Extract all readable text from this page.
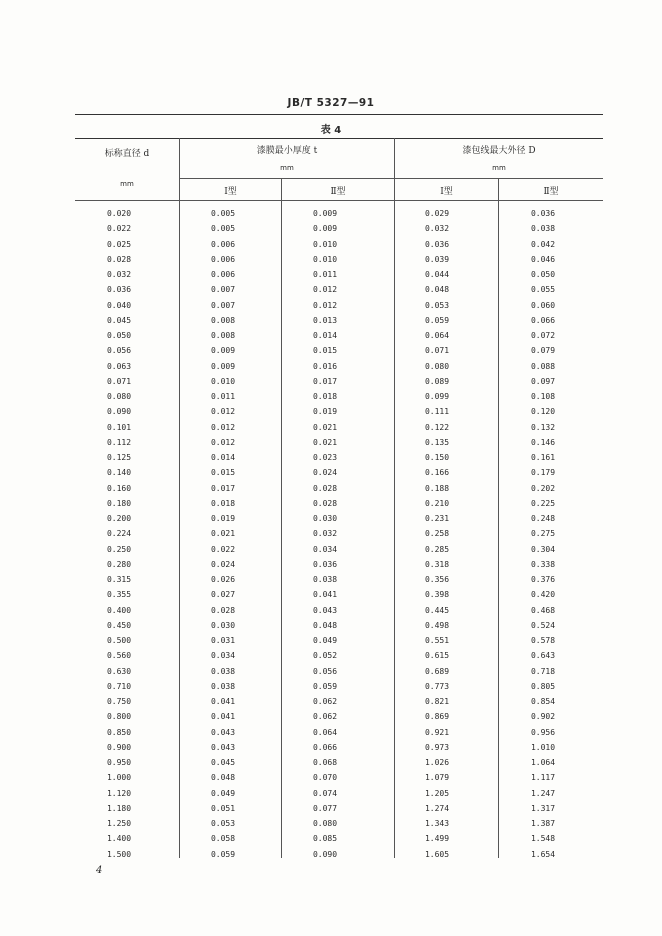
JB/T 5327—91
表 4
标称直径 d
mm
漆膜最小厚度 t
mm
漆包线最大外径 D
mm
Ⅰ型	Ⅱ型	Ⅰ型	Ⅱ型
0.020	0.005	0.009	0.029	0.036
0.022	0.005	0.009	0.032	0.038
0.025	0.006	0.010	0.036	0.042
0.028	0.006	0.010	0.039	0.046
0.032	0.006	0.011	0.044	0.050
0.036	0.007	0.012	0.048	0.055
0.040	0.007	0.012	0.053	0.060
0.045	0.008	0.013	0.059	0.066
0.050	0.008	0.014	0.064	0.072
0.056	0.009	0.015	0.071	0.079
0.063	0.009	0.016	0.080	0.088
0.071	0.010	0.017	0.089	0.097
0.080	0.011	0.018	0.099	0.108
0.090	0.012	0.019	0.111	0.120
0.101	0.012	0.021	0.122	0.132
0.112	0.012	0.021	0.135	0.146
0.125	0.014	0.023	0.150	0.161
0.140	0.015	0.024	0.166	0.179
0.160	0.017	0.028	0.188	0.202
0.180	0.018	0.028	0.210	0.225
0.200	0.019	0.030	0.231	0.248
0.224	0.021	0.032	0.258	0.275
0.250	0.022	0.034	0.285	0.304
0.280	0.024	0.036	0.318	0.338
0.315	0.026	0.038	0.356	0.376
0.355	0.027	0.041	0.398	0.420
0.400	0.028	0.043	0.445	0.468
0.450	0.030	0.048	0.498	0.524
0.500	0.031	0.049	0.551	0.578
0.560	0.034	0.052	0.615	0.643
0.630	0.038	0.056	0.689	0.718
0.710	0.038	0.059	0.773	0.805
0.750	0.041	0.062	0.821	0.854
0.800	0.041	0.062	0.869	0.902
0.850	0.043	0.064	0.921	0.956
0.900	0.043	0.066	0.973	1.010
0.950	0.045	0.068	1.026	1.064
1.000	0.048	0.070	1.079	1.117
1.120	0.049	0.074	1.205	1.247
1.180	0.051	0.077	1.274	1.317
1.250	0.053	0.080	1.343	1.387
1.400	0.058	0.085	1.499	1.548
1.500	0.059	0.090	1.605	1.654
4
